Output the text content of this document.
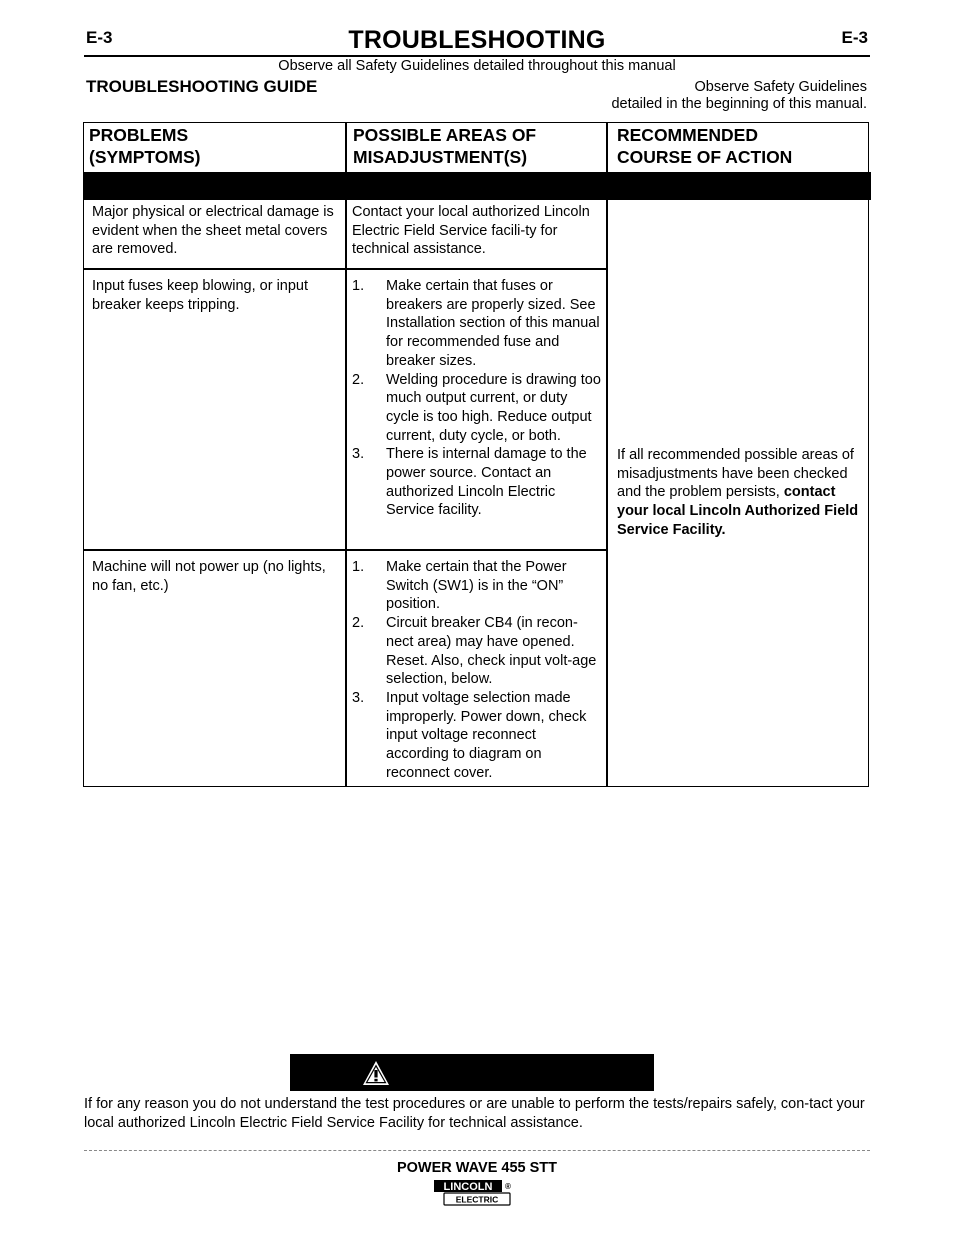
E-3	E-3
TROUBLESHOOTING
Observe all Safety Guidelines detailed throughout this manual
TROUBLESHOOTING GUIDE	Observe Safety Guidelines
detailed in the beginning of this manual.
PROBLEMS
(SYMPTOMS)
POSSIBLE AREAS OF
MISADJUSTMENT(S)
RECOMMENDED
COURSE OF ACTION
Major physical or electrical damage is evident when the sheet metal covers are removed.
Contact your local authorized Lincoln Electric Field Service facili-ty for technical assistance.
Input fuses keep blowing, or input breaker keeps tripping.
1. Make certain that fuses or breakers are properly sized. See Installation section of this manual for recommended fuse and breaker sizes.
2. Welding procedure is drawing too much output current, or duty cycle is too high. Reduce output current, duty cycle, or both.
3. There is internal damage to the power source. Contact an authorized Lincoln Electric Service facility.
Machine will not power up (no lights, no fan, etc.)
1. Make certain that the Power Switch (SW1) is in the “ON” position.
2. Circuit breaker CB4 (in recon-nect area) may have opened. Reset. Also, check input volt-age selection, below.
3. Input voltage selection made improperly. Power down, check input voltage reconnect according to diagram on reconnect cover.
If all recommended possible areas of misadjustments have been checked and the problem persists, contact your local Lincoln Authorized Field Service Facility.
If for any reason you do not understand the test procedures or are unable to perform the tests/repairs safely, con-tact your local authorized Lincoln Electric Field Service Facility for technical assistance.
POWER WAVE 455 STT
LINCOLN
ELECTRIC
®
